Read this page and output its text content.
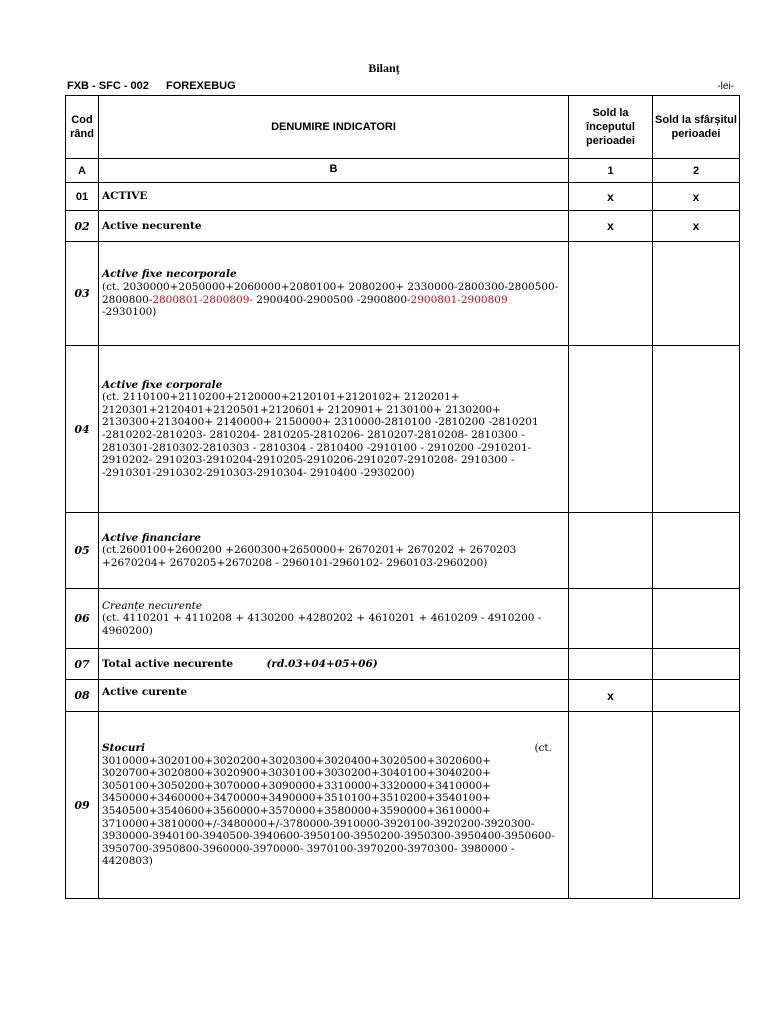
Bilanț
FXB - SFC - 002 FOREXEBUG	-lei-
Cod rând	DENUMIRE INDICATORI	Sold la începutul perioadei	Sold la sfârșitul perioadei
A	B	1	2
01	ACTIVE	x	x
02	Active necurente	x	x
03	Active fixe necorporale
(ct. 2030000+2050000+2060000+2080100+ 2080200+ 2330000-2800300-2800500-2800800-2800801-2800809- 2900400-2900500 -2900800-2900801-2900809 -2930100)		

04	Active fixe corporale
(ct. 2110100+2110200+2120000+2120101+2120102+ 2120201+ 2120301+2120401+2120501+2120601+ 2120901+ 2130100+ 2130200+ 2130300+2130400+ 2140000+ 2150000+ 2310000-2810100 -2810200 -2810201 -2810202-2810203- 2810204- 2810205-2810206- 2810207-2810208- 2810300 - 2810301-2810302-2810303 - 2810304 - 2810400 -2910100 - 2910200 -2910201-2910202- 2910203-2910204-2910205-2910206-2910207-2910208- 2910300 - -2910301-2910302-2910303-2910304- 2910400 -2930200)		

05	Active financiare
(ct.2600100+2600200 +2600300+2650000+ 2670201+ 2670202 + 2670203 +2670204+ 2670205+2670208 - 2960101-2960102- 2960103-2960200)		

06	Creanțe necurente
(ct. 4110201 + 4110208 + 4130200 +4280202 + 4610201 + 4610209 - 4910200 - 4960200)		

07	Total active necurente (rd.03+04+05+06)		
08	Active curente	x	
09	Stocuri (ct.
3010000+3020100+3020200+3020300+3020400+3020500+3020600+ 3020700+3020800+3020900+3030100+3030200+3040100+3040200+ 3050100+3050200+3070000+3090000+3310000+3320000+3410000+ 3450000+3460000+3470000+3490000+3510100+3510200+3540100+ 3540500+3540600+3560000+3570000+3580000+3590000+3610000+ 3710000+3810000+/-3480000+/-3780000-3910000-3920100-3920200-3920300-3930000-3940100-3940500-3940600-3950100-3950200-3950300-3950400-3950600-3950700-3950800-3960000-3970000- 3970100-3970200-3970300- 3980000 - 4420803)		
